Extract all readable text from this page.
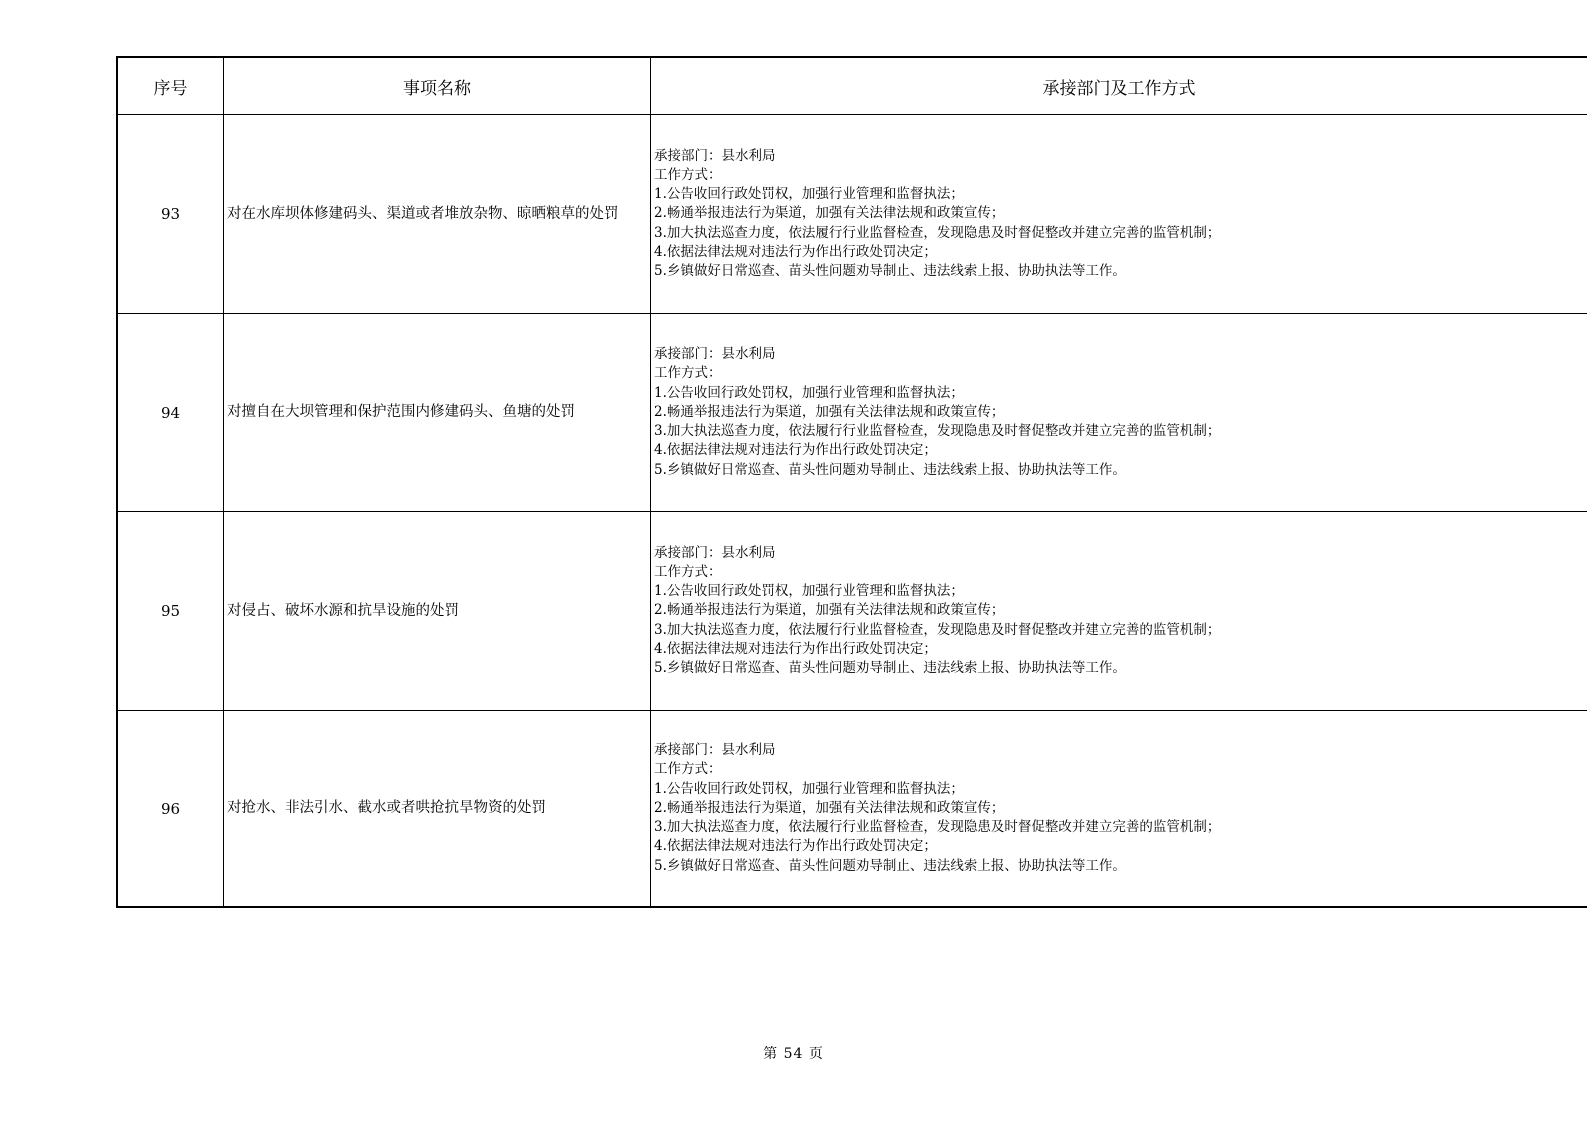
序号	事项名称	承接部门及工作方式
93	对在水库坝体修建码头、渠道或者堆放杂物、晾晒粮草的处罚
承接部门：县水利局
工作方式：
1.公告收回行政处罚权，加强行业管理和监督执法；
2.畅通举报违法行为渠道，加强有关法律法规和政策宣传；
3.加大执法巡查力度，依法履行行业监督检查，发现隐患及时督促整改并建立完善的监管机制；
4.依据法律法规对违法行为作出行政处罚决定；
5.乡镇做好日常巡查、苗头性问题劝导制止、违法线索上报、协助执法等工作。
94	对擅自在大坝管理和保护范围内修建码头、鱼塘的处罚
承接部门：县水利局
工作方式：
1.公告收回行政处罚权，加强行业管理和监督执法；
2.畅通举报违法行为渠道，加强有关法律法规和政策宣传；
3.加大执法巡查力度，依法履行行业监督检查，发现隐患及时督促整改并建立完善的监管机制；
4.依据法律法规对违法行为作出行政处罚决定；
5.乡镇做好日常巡查、苗头性问题劝导制止、违法线索上报、协助执法等工作。
95	对侵占、破坏水源和抗旱设施的处罚
承接部门：县水利局
工作方式：
1.公告收回行政处罚权，加强行业管理和监督执法；
2.畅通举报违法行为渠道，加强有关法律法规和政策宣传；
3.加大执法巡查力度，依法履行行业监督检查，发现隐患及时督促整改并建立完善的监管机制；
4.依据法律法规对违法行为作出行政处罚决定；
5.乡镇做好日常巡查、苗头性问题劝导制止、违法线索上报、协助执法等工作。
96	对抢水、非法引水、截水或者哄抢抗旱物资的处罚
承接部门：县水利局
工作方式：
1.公告收回行政处罚权，加强行业管理和监督执法；
2.畅通举报违法行为渠道，加强有关法律法规和政策宣传；
3.加大执法巡查力度，依法履行行业监督检查，发现隐患及时督促整改并建立完善的监管机制；
4.依据法律法规对违法行为作出行政处罚决定；
5.乡镇做好日常巡查、苗头性问题劝导制止、违法线索上报、协助执法等工作。
第 54 页
